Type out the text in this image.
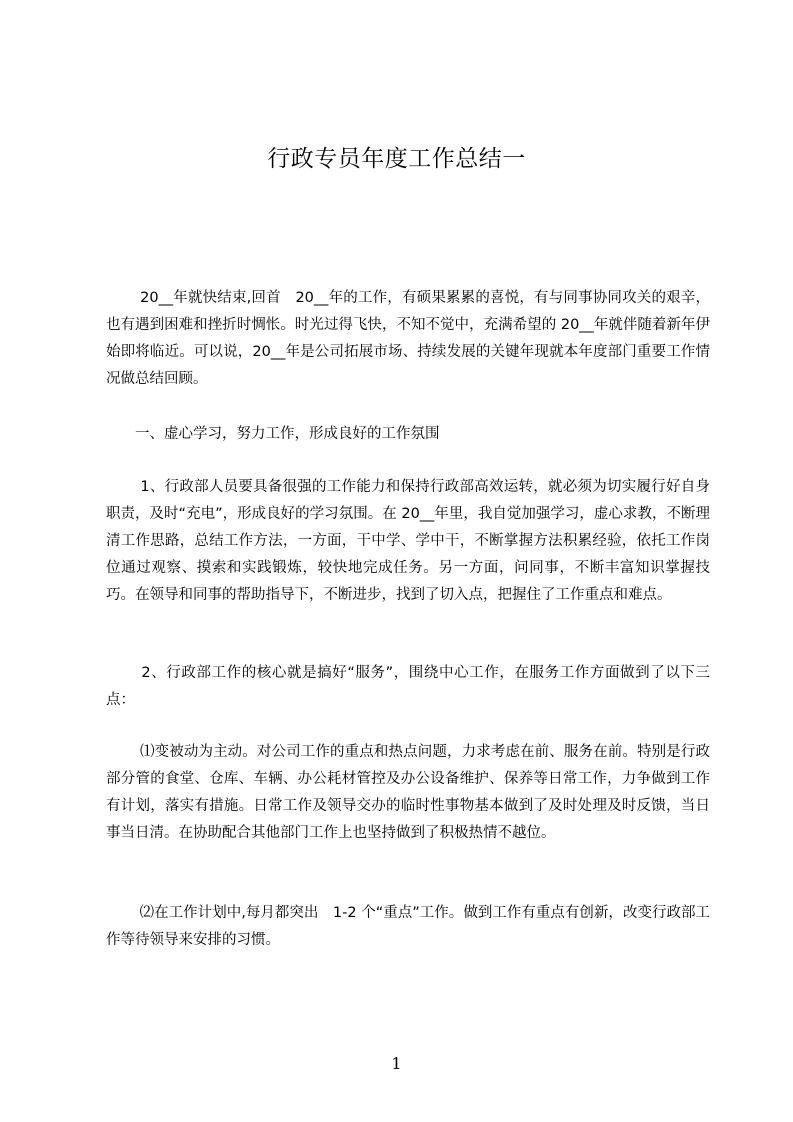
行政专员年度工作总结一
　　 20__年就快结束,回首　20__年的工作，有硕果累累的喜悦，有与同事协同攻关的艰辛，也有遇到困难和挫折时惆怅。时光过得飞快，不知不觉中，充满希望的 20__年就伴随着新年伊始即将临近。可以说，20__年是公司拓展市场、持续发展的关键年现就本年度部门重要工作情况做总结回顾。
　　一、虚心学习，努力工作，形成良好的工作氛围
　　 1、行政部人员要具备很强的工作能力和保持行政部高效运转，就必须为切实履行好自身职责，及时“充电”，形成良好的学习氛围。在 20__年里，我自觉加强学习，虚心求教，不断理清工作思路，总结工作方法，一方面，干中学、学中干，不断掌握方法积累经验，依托工作岗位通过观察、摸索和实践锻炼，较快地完成任务。另一方面，问同事，不断丰富知识掌握技巧。在领导和同事的帮助指导下，不断进步，找到了切入点，把握住了工作重点和难点。
　　 2、行政部工作的核心就是搞好“服务”，围绕中心工作，在服务工作方面做到了以下三点：
　　 ⑴变被动为主动。对公司工作的重点和热点问题，力求考虑在前、服务在前。特别是行政部分管的食堂、仓库、车辆、办公耗材管控及办公设备维护、保养等日常工作，力争做到工作有计划，落实有措施。日常工作及领导交办的临时性事物基本做到了及时处理及时反馈，当日事当日清。在协助配合其他部门工作上也坚持做到了积极热情不越位。
　　 ⑵在工作计划中,每月都突出　1-2 个“重点”工作。做到工作有重点有创新，改变行政部工作等待领导来安排的习惯。
1
